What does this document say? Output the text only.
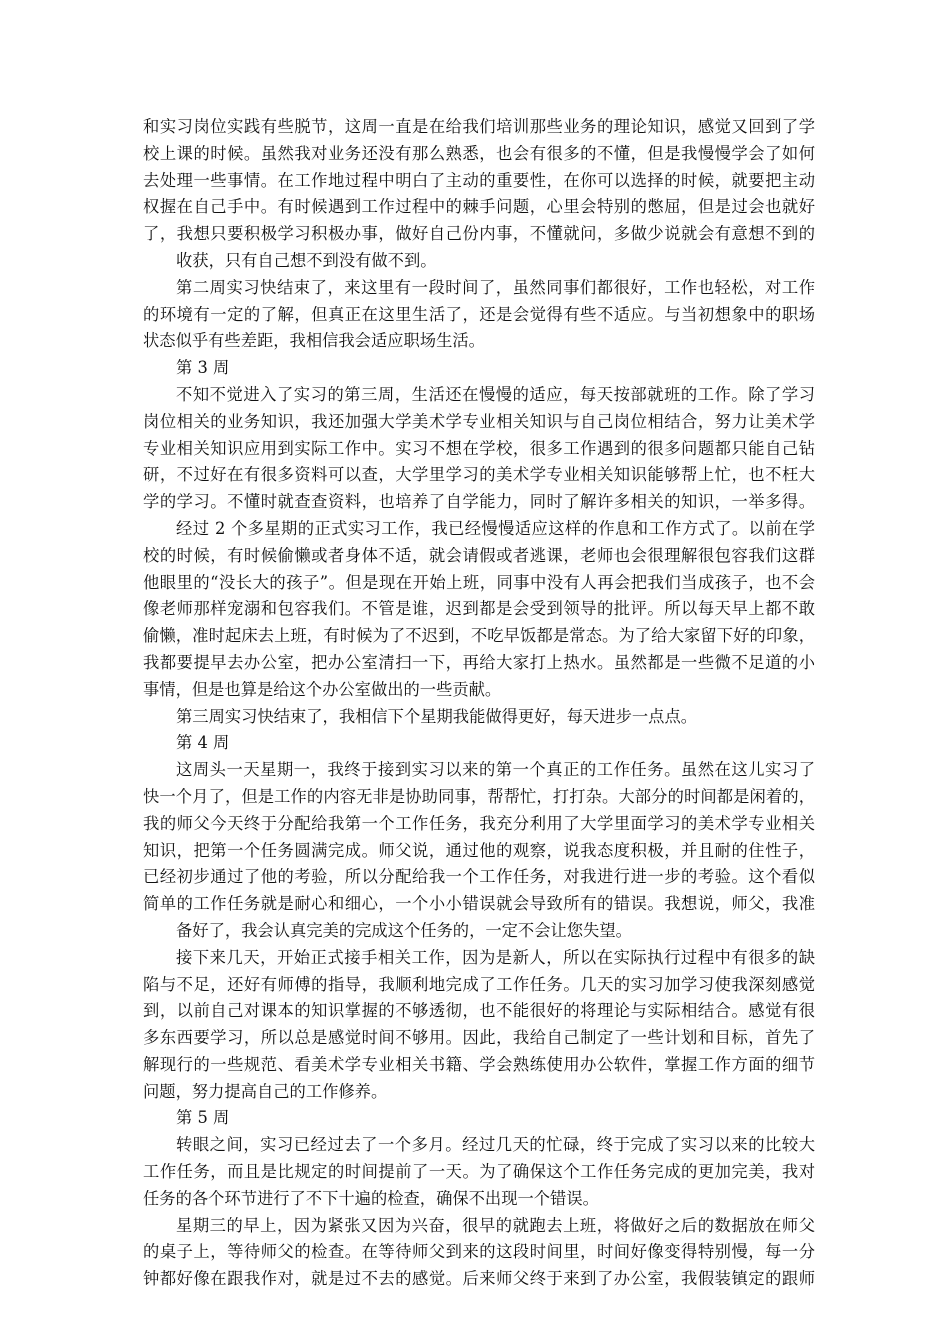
和实习岗位实践有些脱节，这周一直是在给我们培训那些业务的理论知识，感觉又回到了学
校上课的时候。虽然我对业务还没有那么熟悉，也会有很多的不懂，但是我慢慢学会了如何
去处理一些事情。在工作地过程中明白了主动的重要性，在你可以选择的时候，就要把主动
权握在自己手中。有时候遇到工作过程中的棘手问题，心里会特别的憋屈，但是过会也就好
了，我想只要积极学习积极办事，做好自己份内事，不懂就问，多做少说就会有意想不到的
收获，只有自己想不到没有做不到。
第二周实习快结束了，来这里有一段时间了，虽然同事们都很好，工作也轻松，对工作
的环境有一定的了解，但真正在这里生活了，还是会觉得有些不适应。与当初想象中的职场
状态似乎有些差距，我相信我会适应职场生活。
第 3 周
不知不觉进入了实习的第三周，生活还在慢慢的适应，每天按部就班的工作。除了学习
岗位相关的业务知识，我还加强大学美术学专业相关知识与自己岗位相结合，努力让美术学
专业相关知识应用到实际工作中。实习不想在学校，很多工作遇到的很多问题都只能自己钻
研，不过好在有很多资料可以查，大学里学习的美术学专业相关知识能够帮上忙，也不枉大
学的学习。不懂时就查查资料，也培养了自学能力，同时了解许多相关的知识，一举多得。
经过 2 个多星期的正式实习工作，我已经慢慢适应这样的作息和工作方式了。以前在学
校的时候，有时候偷懒或者身体不适，就会请假或者逃课，老师也会很理解很包容我们这群
他眼里的“没长大的孩子”。但是现在开始上班，同事中没有人再会把我们当成孩子，也不会
像老师那样宠溺和包容我们。不管是谁，迟到都是会受到领导的批评。所以每天早上都不敢
偷懒，准时起床去上班，有时候为了不迟到，不吃早饭都是常态。为了给大家留下好的印象，
我都要提早去办公室，把办公室清扫一下，再给大家打上热水。虽然都是一些微不足道的小
事情，但是也算是给这个办公室做出的一些贡献。
第三周实习快结束了，我相信下个星期我能做得更好，每天进步一点点。
第 4 周
这周头一天星期一，我终于接到实习以来的第一个真正的工作任务。虽然在这儿实习了
快一个月了，但是工作的内容无非是协助同事，帮帮忙，打打杂。大部分的时间都是闲着的，
我的师父今天终于分配给我第一个工作任务，我充分利用了大学里面学习的美术学专业相关
知识，把第一个任务圆满完成。师父说，通过他的观察，说我态度积极，并且耐的住性子，
已经初步通过了他的考验，所以分配给我一个工作任务，对我进行进一步的考验。这个看似
简单的工作任务就是耐心和细心，一个小小错误就会导致所有的错误。我想说，师父，我准
备好了，我会认真完美的完成这个任务的，一定不会让您失望。
接下来几天，开始正式接手相关工作，因为是新人，所以在实际执行过程中有很多的缺
陷与不足，还好有师傅的指导，我顺利地完成了工作任务。几天的实习加学习使我深刻感觉
到，以前自己对课本的知识掌握的不够透彻，也不能很好的将理论与实际相结合。感觉有很
多东西要学习，所以总是感觉时间不够用。因此，我给自己制定了一些计划和目标，首先了
解现行的一些规范、看美术学专业相关书籍、学会熟练使用办公软件，掌握工作方面的细节
问题，努力提高自己的工作修养。
第 5 周
转眼之间，实习已经过去了一个多月。经过几天的忙碌，终于完成了实习以来的比较大
工作任务，而且是比规定的时间提前了一天。为了确保这个工作任务完成的更加完美，我对
任务的各个环节进行了不下十遍的检查，确保不出现一个错误。
星期三的早上，因为紧张又因为兴奋，很早的就跑去上班，将做好之后的数据放在师父
的桌子上，等待师父的检查。在等待师父到来的这段时间里，时间好像变得特别慢，每一分
钟都好像在跟我作对，就是过不去的感觉。后来师父终于来到了办公室，我假装镇定的跟师
